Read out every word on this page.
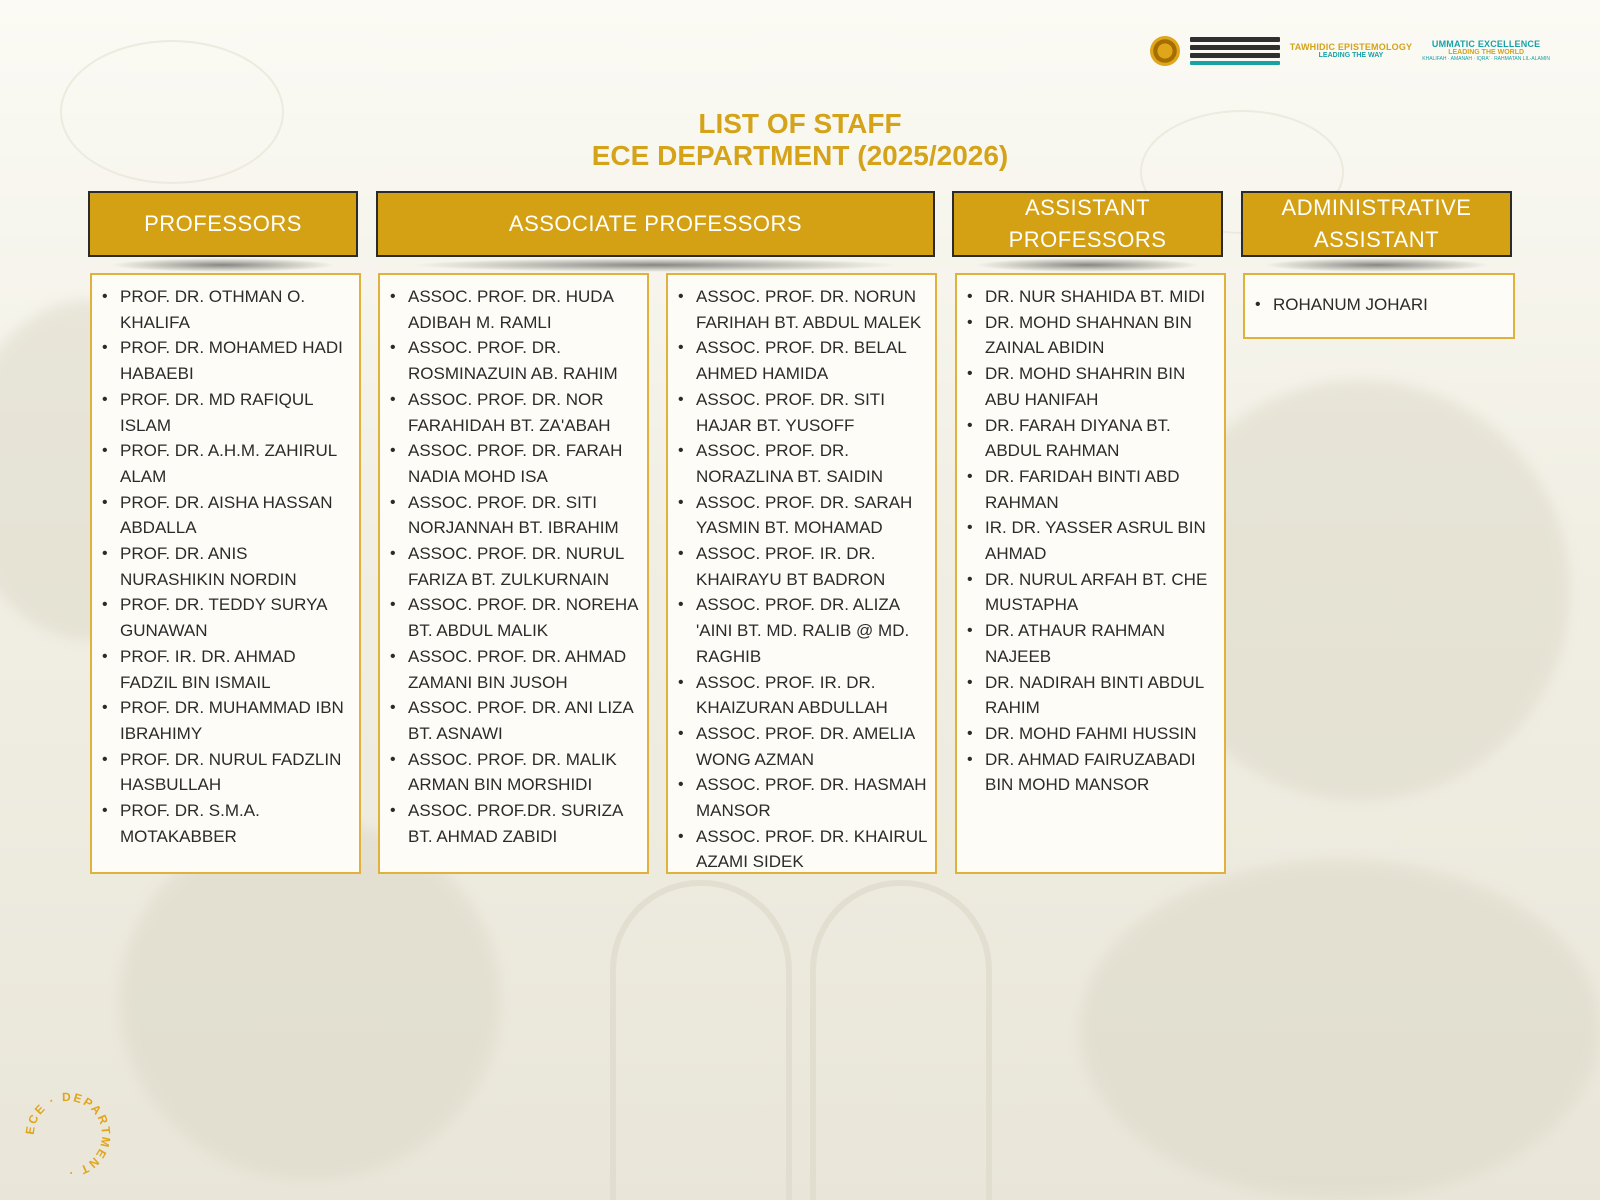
TAWHIDIC EPISTEMOLOGY
LEADING THE WAY
UMMATIC EXCELLENCE
LEADING THE WORLD
KHALIFAH · AMANAH · IQRA' · RAHMATAN LIL-ALAMIN
LIST OF STAFF
ECE DEPARTMENT (2025/2026)
PROFESSORS	ASSOCIATE PROFESSORS
ASSISTANT
PROFESSORS
ADMINISTRATIVE
ASSISTANT
• PROF. DR. OTHMAN O. KHALIFA
• PROF. DR. MOHAMED HADI HABAEBI
• PROF. DR. MD RAFIQUL ISLAM
• PROF. DR. A.H.M. ZAHIRUL ALAM
• PROF. DR. AISHA HASSAN ABDALLA
• PROF. DR. ANIS NURASHIKIN NORDIN
• PROF. DR. TEDDY SURYA GUNAWAN
• PROF. IR. DR. AHMAD FADZIL BIN ISMAIL
• PROF. DR. MUHAMMAD IBN IBRAHIMY
• PROF. DR. NURUL FADZLIN HASBULLAH
• PROF. DR. S.M.A. MOTAKABBER
• ASSOC. PROF. DR. HUDA ADIBAH M. RAMLI
• ASSOC. PROF. DR. ROSMINAZUIN AB. RAHIM
• ASSOC. PROF. DR. NOR FARAHIDAH BT. ZA'ABAH
• ASSOC. PROF. DR. FARAH NADIA MOHD ISA
• ASSOC. PROF. DR. SITI NORJANNAH BT. IBRAHIM
• ASSOC. PROF. DR. NURUL FARIZA BT. ZULKURNAIN
• ASSOC. PROF. DR. NOREHA BT. ABDUL MALIK
• ASSOC. PROF. DR. AHMAD ZAMANI BIN JUSOH
• ASSOC. PROF. DR. ANI LIZA BT. ASNAWI
• ASSOC. PROF. DR. MALIK ARMAN BIN MORSHIDI
• ASSOC. PROF.DR. SURIZA BT. AHMAD ZABIDI
• ASSOC. PROF. DR. NORUN FARIHAH BT. ABDUL MALEK
• ASSOC. PROF. DR. BELAL AHMED HAMIDA
• ASSOC. PROF. DR. SITI HAJAR BT. YUSOFF
• ASSOC. PROF. DR. NORAZLINA BT. SAIDIN
• ASSOC. PROF. DR. SARAH YASMIN BT. MOHAMAD
• ASSOC. PROF. IR. DR. KHAIRAYU BT BADRON
• ASSOC. PROF. DR. ALIZA 'AINI BT. MD. RALIB @ MD. RAGHIB
• ASSOC. PROF. IR. DR. KHAIZURAN ABDULLAH
• ASSOC. PROF. DR. AMELIA WONG AZMAN
• ASSOC. PROF. DR. HASMAH MANSOR
• ASSOC. PROF. DR. KHAIRUL AZAMI SIDEK
• DR. NUR SHAHIDA BT. MIDI
• DR. MOHD SHAHNAN BIN ZAINAL ABIDIN
• DR. MOHD SHAHRIN BIN ABU HANIFAH
• DR. FARAH DIYANA BT. ABDUL RAHMAN
• DR. FARIDAH BINTI ABD RAHMAN
• IR. DR. YASSER ASRUL BIN AHMAD
• DR. NURUL ARFAH BT. CHE MUSTAPHA
• DR. ATHAUR RAHMAN NAJEEB
• DR. NADIRAH BINTI ABDUL RAHIM
• DR. MOHD FAHMI HUSSIN
• DR. AHMAD FAIRUZABADI BIN MOHD MANSOR
• ROHANUM JOHARI
ECE · DEPARTMENT ·
